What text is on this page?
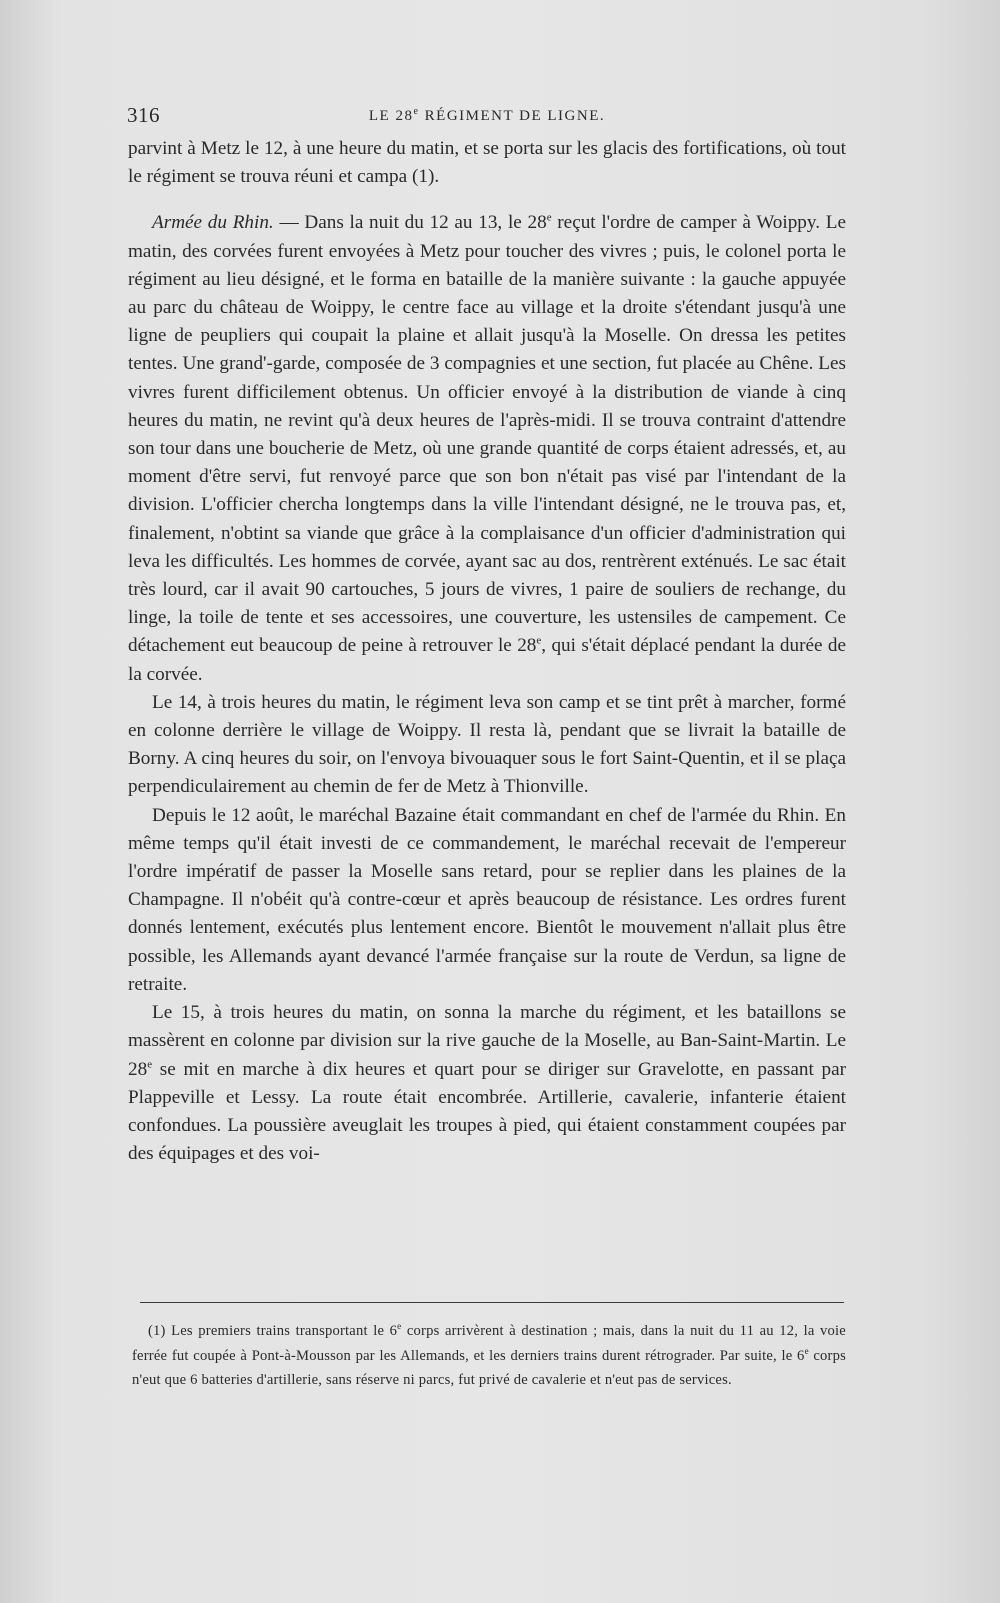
316	LE 28e RÉGIMENT DE LIGNE.

parvint à Metz le 12, à une heure du matin, et se porta sur les glacis des fortifications, où tout le régiment se trouva réuni et campa (1).

Armée du Rhin. — Dans la nuit du 12 au 13, le 28e reçut l'ordre de camper à Woippy. Le matin, des corvées furent envoyées à Metz pour toucher des vivres ; puis, le colonel porta le régiment au lieu désigné, et le forma en bataille de la manière suivante : la gauche appuyée au parc du château de Woippy, le centre face au village et la droite s'étendant jusqu'à une ligne de peupliers qui coupait la plaine et allait jusqu'à la Moselle. On dressa les petites tentes. Une grand'-garde, composée de 3 compagnies et une section, fut placée au Chêne. Les vivres furent difficilement obtenus. Un officier envoyé à la distribution de viande à cinq heures du matin, ne revint qu'à deux heures de l'après-midi. Il se trouva contraint d'attendre son tour dans une boucherie de Metz, où une grande quantité de corps étaient adressés, et, au moment d'être servi, fut renvoyé parce que son bon n'était pas visé par l'intendant de la division. L'officier chercha longtemps dans la ville l'intendant désigné, ne le trouva pas, et, finalement, n'obtint sa viande que grâce à la complaisance d'un officier d'administration qui leva les difficultés. Les hommes de corvée, ayant sac au dos, rentrèrent exténués. Le sac était très lourd, car il avait 90 cartouches, 5 jours de vivres, 1 paire de souliers de rechange, du linge, la toile de tente et ses accessoires, une couverture, les ustensiles de campement. Ce détachement eut beaucoup de peine à retrouver le 28e, qui s'était déplacé pendant la durée de la corvée.

Le 14, à trois heures du matin, le régiment leva son camp et se tint prêt à marcher, formé en colonne derrière le village de Woippy. Il resta là, pendant que se livrait la bataille de Borny. A cinq heures du soir, on l'envoya bivouaquer sous le fort Saint-Quentin, et il se plaça perpendiculairement au chemin de fer de Metz à Thionville.

Depuis le 12 août, le maréchal Bazaine était commandant en chef de l'armée du Rhin. En même temps qu'il était investi de ce commandement, le maréchal recevait de l'empereur l'ordre impératif de passer la Moselle sans retard, pour se replier dans les plaines de la Champagne. Il n'obéit qu'à contre-cœur et après beaucoup de résistance. Les ordres furent donnés lentement, exécutés plus lentement encore. Bientôt le mouvement n'allait plus être possible, les Allemands ayant devancé l'armée française sur la route de Verdun, sa ligne de retraite.

Le 15, à trois heures du matin, on sonna la marche du régiment, et les bataillons se massèrent en colonne par division sur la rive gauche de la Moselle, au Ban-Saint-Martin. Le 28e se mit en marche à dix heures et quart pour se diriger sur Gravelotte, en passant par Plappeville et Lessy. La route était encombrée. Artillerie, cavalerie, infanterie étaient confondues. La poussière aveuglait les troupes à pied, qui étaient constamment coupées par des équipages et des voi-

(1) Les premiers trains transportant le 6e corps arrivèrent à destination ; mais, dans la nuit du 11 au 12, la voie ferrée fut coupée à Pont-à-Mousson par les Allemands, et les derniers trains durent rétrograder. Par suite, le 6e corps n'eut que 6 batteries d'artillerie, sans réserve ni parcs, fut privé de cavalerie et n'eut pas de services.
